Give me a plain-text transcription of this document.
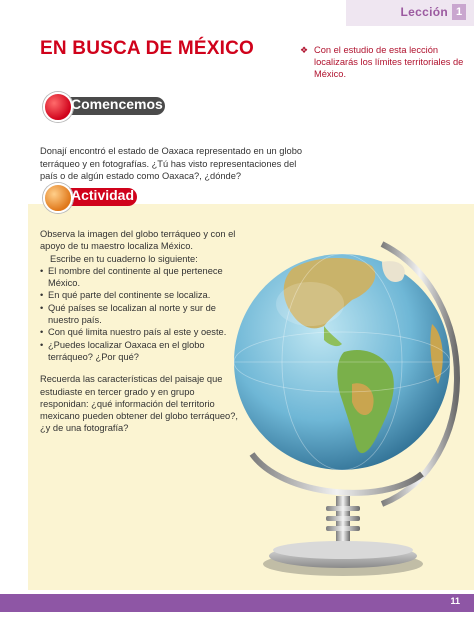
Lección 1
EN BUSCA DE MÉXICO	❖ Con el estudio de esta lección localizarás los límites territoriales de México.
Comencemos

Donají encontró el estado de Oaxaca representado en un globo terráqueo y en fotografías. ¿Tú has visto representaciones del país o de algún estado como Oaxaca?, ¿dónde?

Actividad

Observa la imagen del globo terráqueo y con el apoyo de tu maestro localiza México.

Escribe en tu cuaderno lo siguiente:

• El nombre del continente al que pertenece México.
• En qué parte del continente se localiza.
• Qué países se localizan al norte y sur de nuestro país.
• Con qué limita nuestro país al este y oeste.
• ¿Puedes localizar Oaxaca en el globo terráqueo? ¿Por qué?

Recuerda las características del paisaje que estudiaste en tercer grado y en grupo responidan: ¿qué información del territorio mexicano pueden obtener del globo terráqueo?, ¿y de una fotografía?

11
